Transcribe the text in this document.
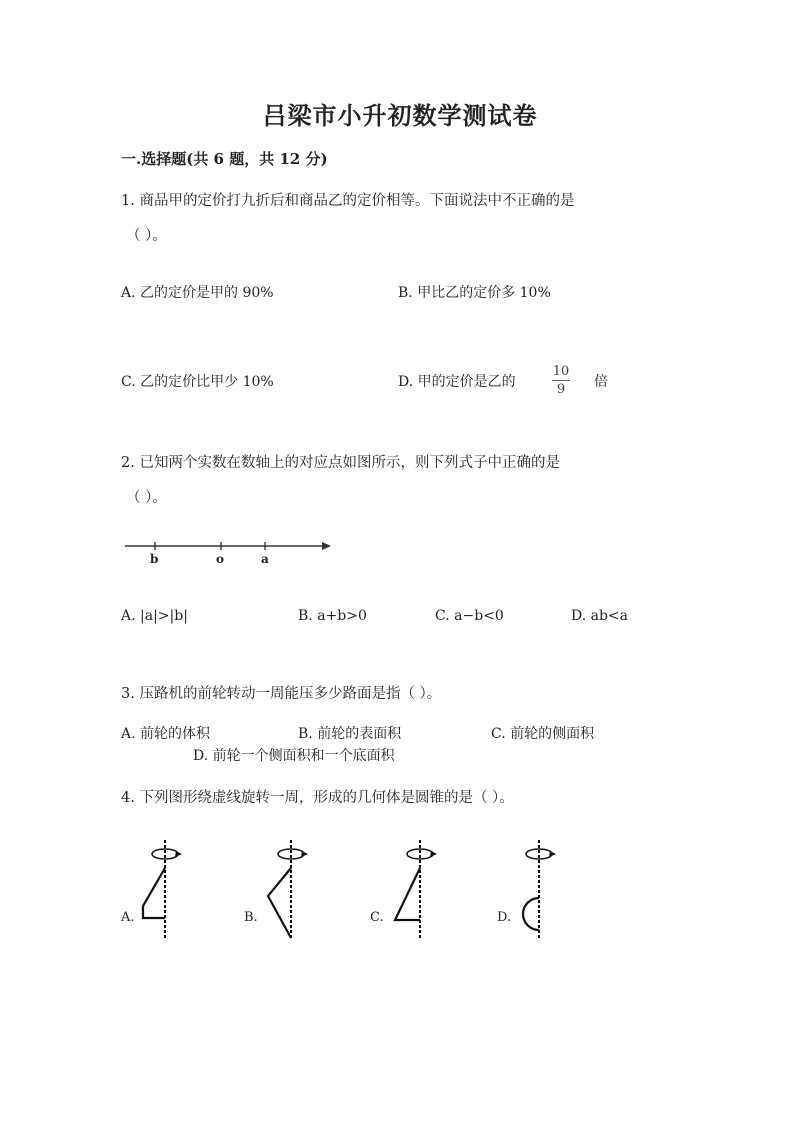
吕梁市小升初数学测试卷
一.选择题(共 6 题，共 12 分)
1. 商品甲的定价打九折后和商品乙的定价相等。下面说法中不正确的是
（ ）。
A. 乙的定价是甲的 90%	B. 甲比乙的定价多 10%
C. 乙的定价比甲少 10%	D. 甲的定价是乙的
10
9	倍
2. 已知两个实数在数轴上的对应点如图所示，则下列式子中正确的是
（ ）。
b	o	a
A. |a|>|b|	B. a+b>0	C. a−b<0	D. ab<a
3. 压路机的前轮转动一周能压多少路面是指（ ）。
A. 前轮的体积	B. 前轮的表面积	C. 前轮的侧面积
D. 前轮一个侧面积和一个底面积
4. 下列图形绕虚线旋转一周，形成的几何体是圆锥的是（ ）。
A.	B.	C.	D.
